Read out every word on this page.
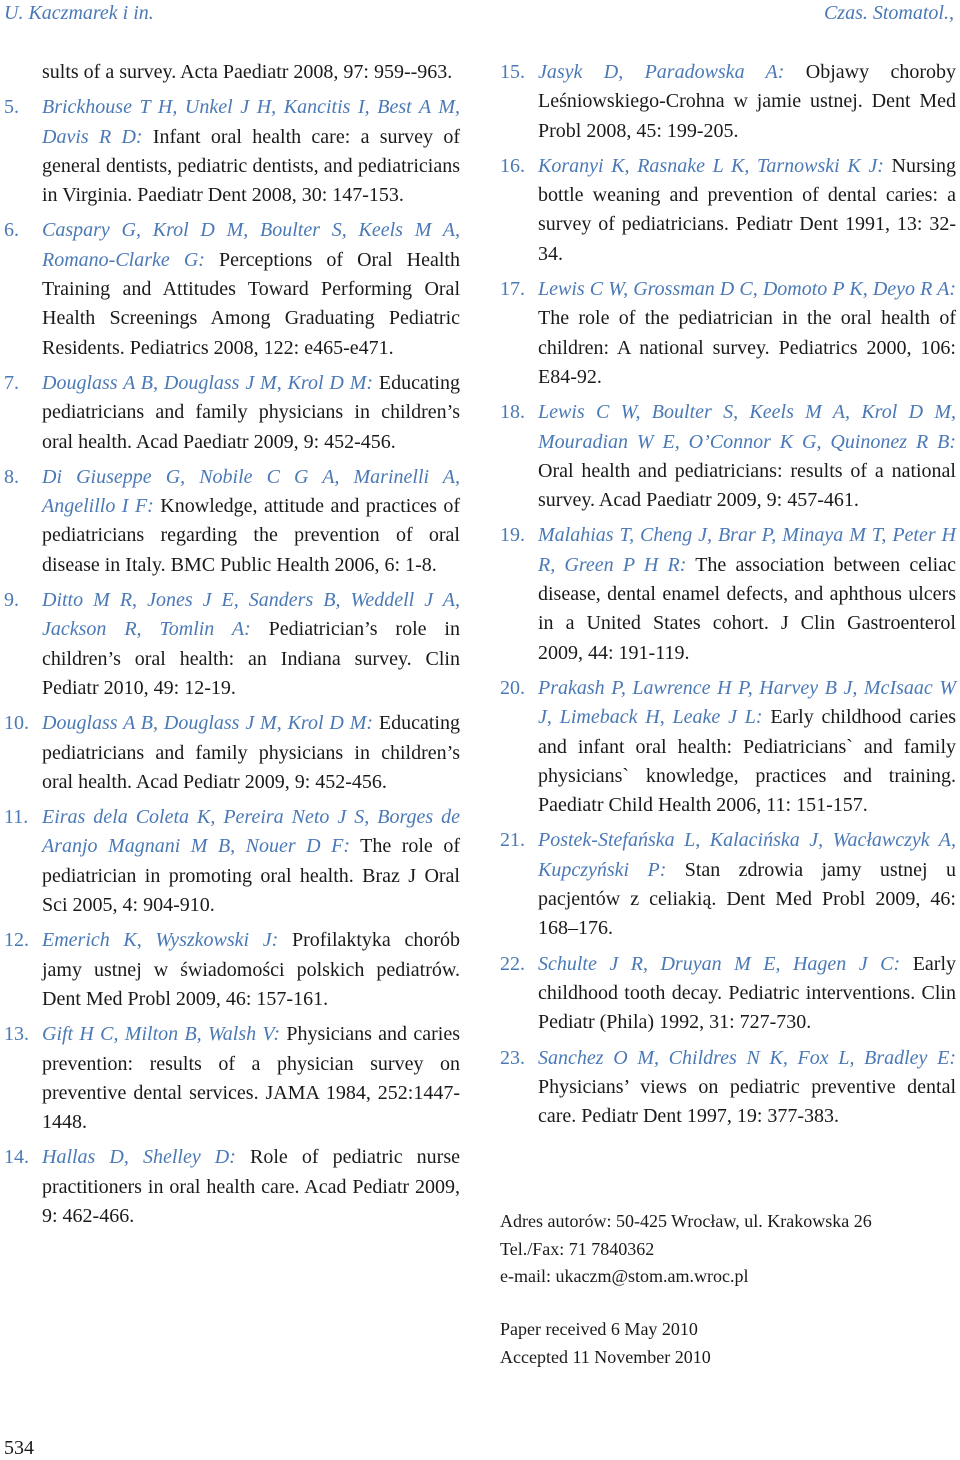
U. Kaczmarek i in.	Czas. Stomatol.,
sults of a survey. Acta Paediatr 2008, 97: 959--963.
5.	Brickhouse T H, Unkel J H, Kancitis I, Best A M, Davis R D: Infant oral health care: a survey of general dentists, pediatric dentists, and pediatricians in Virginia. Paediatr Dent 2008, 30: 147-153.
6.	Caspary G, Krol D M, Boulter S, Keels M A, Romano-Clarke G: Perceptions of Oral Health Training and Attitudes Toward Performing Oral Health Screenings Among Graduating Pediatric Residents. Pediatrics 2008, 122: e465-e471.
7.	Douglass A B, Douglass J M, Krol D M: Educating pediatricians and family physicians in children’s oral health. Acad Paediatr 2009, 9: 452-456.
8.	Di Giuseppe G, Nobile C G A, Marinelli A, Angelillo I F: Knowledge, attitude and practices of pediatricians regarding the prevention of oral disease in Italy. BMC Public Health 2006, 6: 1-8.
9.	Ditto M R, Jones J E, Sanders B, Weddell J A, Jackson R, Tomlin A: Pediatrician’s role in children’s oral health: an Indiana survey. Clin Pediatr 2010, 49: 12-19.
10. Douglass A B, Douglass J M, Krol D M: Educating pediatricians and family physicians in children’s oral health. Acad Pediatr 2009, 9: 452-456.
11. Eiras dela Coleta K, Pereira Neto J S, Borges de Aranjo Magnani M B, Nouer D F: The role of pediatrician in promoting oral health. Braz J Oral Sci 2005, 4: 904-910.
12. Emerich K, Wyszkowski J: Profilaktyka chorób jamy ustnej w świadomości polskich pediatrów. Dent Med Probl 2009, 46: 157-161.
13. Gift H C, Milton B, Walsh V: Physicians and caries prevention: results of a physician survey on preventive dental services. JAMA 1984, 252:1447-1448.
14. Hallas D, Shelley D: Role of pediatric nurse practitioners in oral health care. Acad Pediatr 2009, 9: 462-466.
15. Jasyk D, Paradowska A: Objawy choroby Leśniowskiego-Crohna w jamie ustnej. Dent Med Probl 2008, 45: 199-205.
16. Koranyi K, Rasnake L K, Tarnowski K J: Nursing bottle weaning and prevention of dental caries: a survey of pediatricians. Pediatr Dent 1991, 13: 32-34.
17. Lewis C W, Grossman D C, Domoto P K, Deyo R A: The role of the pediatrician in the oral health of children: A national survey. Pediatrics 2000, 106: E84-92.
18. Lewis C W, Boulter S, Keels M A, Krol D M, Mouradian W E, O’Connor K G, Quinonez R B: Oral health and pediatricians: results of a national survey. Acad Paediatr 2009, 9: 457-461.
19. Malahias T, Cheng J, Brar P, Minaya M T, Peter H R, Green P H R: The association between celiac disease, dental enamel defects, and aphthous ulcers in a United States cohort. J Clin Gastroenterol 2009, 44: 191-119.
20. Prakash P, Lawrence H P, Harvey B J, McIsaac W J, Limeback H, Leake J L: Early childhood caries and infant oral health: Pediatricians` and family physicians` knowledge, practices and training. Paediatr Child Health 2006, 11: 151-157.
21. Postek-Stefańska L, Kalacińska J, Wacławczyk A, Kupczyński P: Stan zdrowia jamy ustnej u pacjentów z celiakią. Dent Med Probl 2009, 46: 168–176.
22. Schulte J R, Druyan M E, Hagen J C: Early childhood tooth decay. Pediatric interventions. Clin Pediatr (Phila) 1992, 31: 727-730.
23. Sanchez O M, Childres N K, Fox L, Bradley E: Physicians’ views on pediatric preventive dental care. Pediatr Dent 1997, 19: 377-383.
Adres autorów: 50-425 Wrocław, ul. Krakowska 26
Tel./Fax: 71 7840362
e-mail: ukaczm@stom.am.wroc.pl
Paper received 6 May 2010
Accepted 11 November 2010
534
